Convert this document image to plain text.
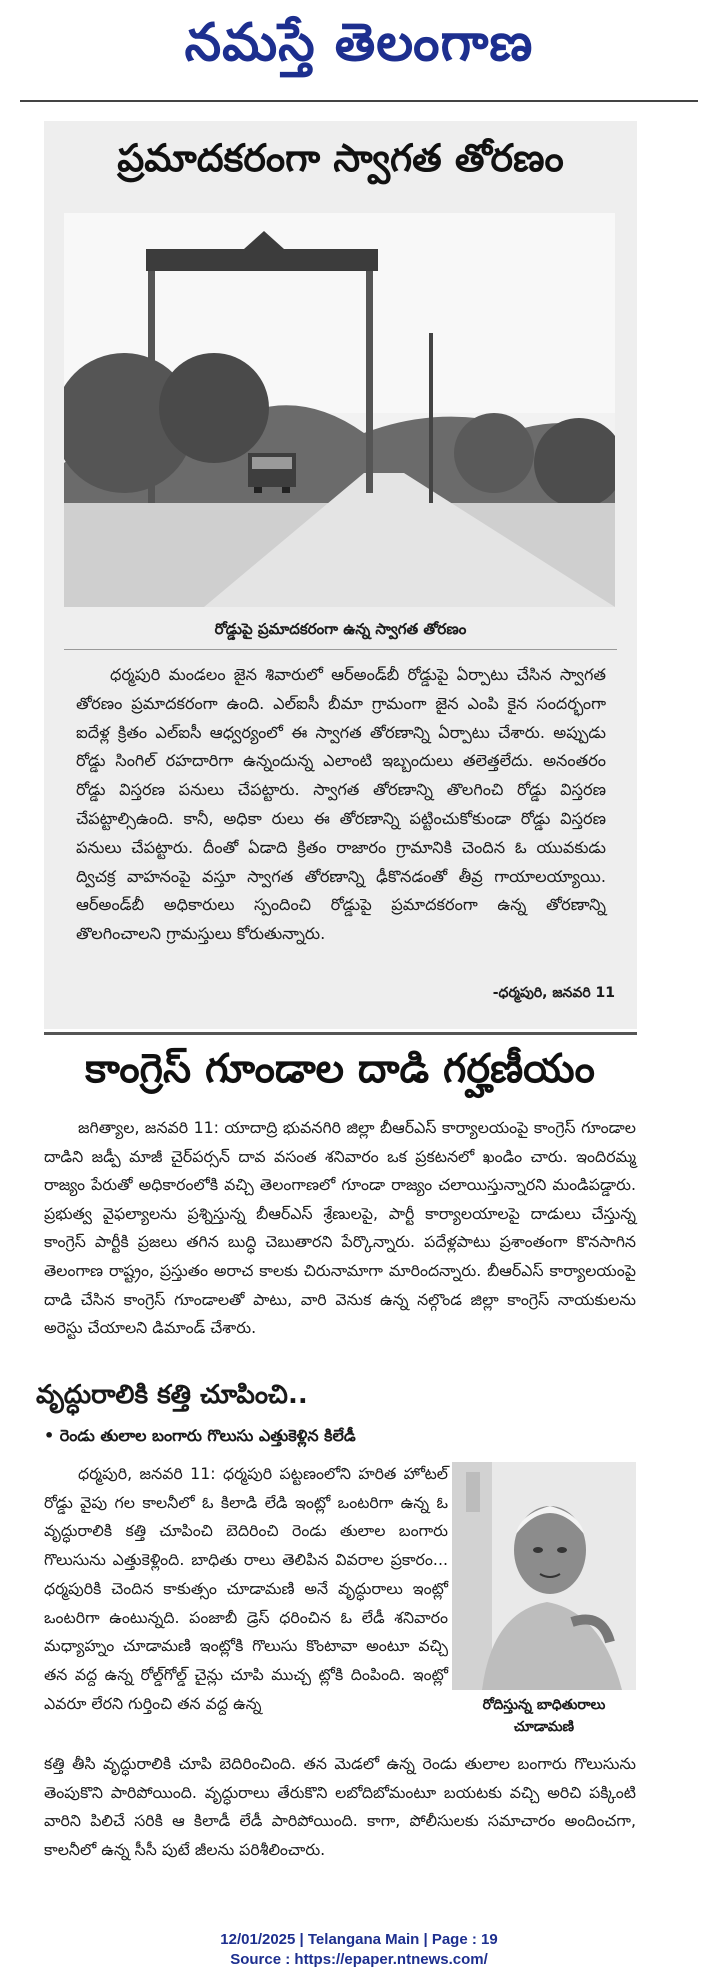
నమస్తే తెలంగాణ
ప్రమాదకరంగా స్వాగత తోరణం
రోడ్డుపై ప్రమాదకరంగా ఉన్న స్వాగత తోరణం

ధర్మపురి మండలం జైన శివారులో ఆర్‌అండ్‌బీ రోడ్డుపై ఏర్పాటు చేసిన స్వాగత తోరణం ప్రమాదకరంగా ఉంది. ఎల్‌ఐసీ బీమా గ్రామంగా జైన ఎంపి కైన సందర్భంగా ఐదేళ్ల క్రితం ఎల్‌ఐసీ ఆధ్వర్యంలో ఈ స్వాగత తోరణాన్ని ఏర్పాటు చేశారు. అప్పుడు రోడ్డు సింగిల్ రహదారిగా ఉన్నందున్న ఎలాంటి ఇబ్బందులు తలెత్తలేదు. అనంతరం రోడ్డు విస్తరణ పనులు చేపట్టారు. స్వాగత తోరణాన్ని తొలగించి రోడ్డు విస్తరణ చేపట్టాల్సిఉంది. కానీ, అధికా రులు ఈ తోరణాన్ని పట్టించుకోకుండా రోడ్డు విస్తరణ పనులు చేపట్టారు. దీంతో ఏడాది క్రితం రాజారం గ్రామానికి చెందిన ఓ యువకుడు ద్విచక్ర వాహనంపై వస్తూ స్వాగత తోరణాన్ని ఢీకొనడంతో తీవ్ర గాయాలయ్యాయి. ఆర్‌అండ్‌బీ అధికారులు స్పందించి రోడ్డుపై ప్రమాదకరంగా ఉన్న తోరణాన్ని తొలగించాలని గ్రామస్తులు కోరుతున్నారు.

-ధర్మపురి, జనవరి 11
కాంగ్రెస్ గూండాల దాడి గర్హణీయం

జగిత్యాల, జనవరి 11: యాదాద్రి భువనగిరి జిల్లా బీఆర్‌ఎస్ కార్యాలయంపై కాంగ్రెస్ గూండాల దాడిని జడ్పీ మాజీ చైర్‌పర్సన్ దావ వసంత శనివారం ఒక ప్రకటనలో ఖండిం చారు. ఇందిరమ్మ రాజ్యం పేరుతో అధికారంలోకి వచ్చి తెలంగాణలో గూండా రాజ్యం చలాయిస్తున్నారని మండిపడ్డారు. ప్రభుత్వ వైఫల్యాలను ప్రశ్నిస్తున్న బీఆర్‌ఎస్ శ్రేణులపై, పార్టీ కార్యాలయాలపై దాడులు చేస్తున్న కాంగ్రెస్ పార్టీకి ప్రజలు తగిన బుద్ధి చెబుతారని పేర్కొన్నారు. పదేళ్లపాటు ప్రశాంతంగా కొనసాగిన తెలంగాణ రాష్ట్రం, ప్రస్తుతం అరాచ కాలకు చిరునామాగా మారిందన్నారు. బీఆర్‌ఎస్ కార్యాలయంపై దాడి చేసిన కాంగ్రెస్ గూండాలతో పాటు, వారి వెనుక ఉన్న నల్గొండ జిల్లా కాంగ్రెస్ నాయకులను అరెస్టు చేయాలని డిమాండ్ చేశారు.

వృద్ధురాలికి కత్తి చూపించి..
• రెండు తులాల బంగారు గొలుసు ఎత్తుకెళ్లిన కిలేడీ

ధర్మపురి, జనవరి 11: ధర్మపురి పట్టణంలోని హరిత హోటల్ రోడ్డు వైపు గల కాలనీలో ఓ కిలాడి లేడి ఇంట్లో ఒంటరిగా ఉన్న ఓ వృద్ధురాలికి కత్తి చూపించి బెదిరించి రెండు తులాల బంగారు గొలుసును ఎత్తుకెళ్లింది. బాధితు రాలు తెలిపిన వివరాల ప్రకారం... ధర్మపురికి చెందిన కాకుత్సం చూడామణి అనే వృద్ధురాలు ఇంట్లో ఒంటరిగా ఉంటున్నది. పంజాబీ డ్రెస్ ధరించిన ఓ లేడీ శనివారం మధ్యాహ్నం చూడామణి ఇంట్లోకి గొలుసు కొంటావా అంటూ వచ్చి తన వద్ద ఉన్న రోల్డ్‌గోల్డ్ చైన్లు చూపి ముచ్చ ట్లోకి దింపింది. ఇంట్లో ఎవరూ లేరని గుర్తించి తన వద్ద ఉన్న	రోదిస్తున్న బాధితురాలు చూడామణి

కత్తి తీసి వృద్ధురాలికి చూపి బెదిరించింది. తన మెడలో ఉన్న రెండు తులాల బంగారు గొలుసును తెంపుకొని పారిపోయింది. వృద్ధురాలు తేరుకొని లబోదిబోమంటూ బయటకు వచ్చి అరిచి పక్కింటి వారిని పిలిచే సరికి ఆ కిలాడీ లేడీ పారిపోయింది. కాగా, పోలీసులకు సమాచారం అందించగా, కాలనీలో ఉన్న సీసీ పుటే జీలను పరిశీలించారు.

12/01/2025 | Telangana Main | Page : 19
Source : https://epaper.ntnews.com/
